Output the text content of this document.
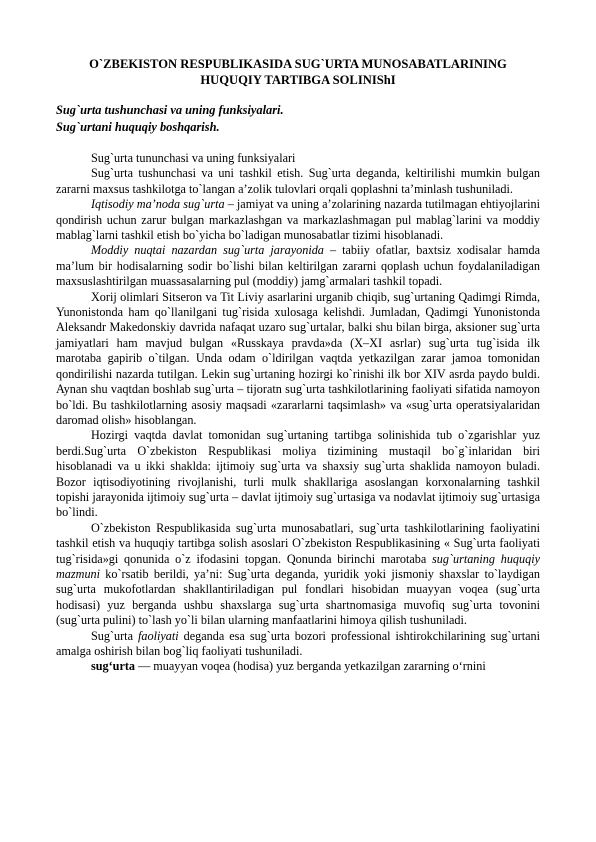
O`ZBEKISTON RESPUBLIKASIDA SUG`URTA MUNOSABATLARINING
HUQUQIY TARTIBGA SOLINIShI
Sug`urta tushunchasi va uning funksiyalari.
Sug`urtani huquqiy boshqarish.

Sug`urta tununchasi va uning funksiyalari

Sug`urta tushunchasi va uni tashkil etish. Sug`urta deganda, keltirilishi mumkin bulgan zararni maxsus tashkilotga to`langan a’zolik tulovlari orqali qoplashni ta’minlash tushuniladi.

Iqtisodiy ma’noda sug`urta – jamiyat va uning a’zolarining nazarda tutilmagan ehtiyojlarini qondirish uchun zarur bulgan markazlashgan va markazlashmagan pul mablag`larini va moddiy mablag`larni tashkil etish bo`yicha bo`ladigan munosabatlar tizimi hisoblanadi.

Moddiy nuqtai nazardan sug`urta jarayonida – tabiiy ofatlar, baxtsiz xodisalar hamda ma’lum bir hodisalarning sodir bo`lishi bilan keltirilgan zararni qoplash uchun foydalaniladigan maxsuslashtirilgan muassasalarning pul (moddiy) jamg`armalari tashkil topadi.

Xorij olimlari Sitseron va Tit Liviy asarlarini urganib chiqib, sug`urtaning Qadimgi Rimda, Yunonistonda ham qo`llanilgani tug`risida xulosaga kelishdi. Jumladan, Qadimgi Yunonistonda Aleksandr Makedonskiy davrida nafaqat uzaro sug`urtalar, balki shu bilan birga, aksioner sug`urta jamiyatlari ham mavjud bulgan «Russkaya pravda»da (X–XI asrlar) sug`urta tug`isida ilk marotaba gapirib o`tilgan. Unda odam o`ldirilgan vaqtda yetkazilgan zarar jamoa tomonidan qondirilishi nazarda tutilgan. Lekin sug`urtaning hozirgi ko`rinishi ilk bor XIV asrda paydo buldi. Aynan shu vaqtdan boshlab sug`urta – tijoratn sug`urta tashkilotlarining faoliyati sifatida namoyon bo`ldi. Bu tashkilotlarning asosiy maqsadi «zararlarni taqsimlash» va «sug`urta operatsiyalaridan daromad olish» hisoblangan.

Hozirgi vaqtda davlat tomonidan sug`urtaning tartibga solinishida tub o`zgarishlar yuz berdi.Sug`urta O`zbekiston Respublikasi moliya tizimining mustaqil bo`g`inlaridan biri hisoblanadi va u ikki shaklda: ijtimoiy sug`urta va shaxsiy sug`urta shaklida namoyon buladi. Bozor iqtisodiyotining rivojlanishi, turli mulk shakllariga asoslangan korxonalarning tashkil topishi jarayonida ijtimoiy sug`urta – davlat ijtimoiy sug`urtasiga va nodavlat ijtimoiy sug`urtasiga bo`lindi.

O`zbekiston Respublikasida sug`urta munosabatlari, sug`urta tashkilotlarining faoliyatini tashkil etish va huquqiy tartibga solish asoslari O`zbekiston Respublikasining « Sug`urta faoliyati tug`risida»gi qonunida o`z ifodasini topgan. Qonunda birinchi marotaba sug`urtaning huquqiy mazmuni ko`rsatib berildi, ya’ni: Sug`urta deganda, yuridik yoki jismoniy shaxslar to`laydigan sug`urta mukofotlardan shakllantiriladigan pul fondlari hisobidan muayyan voqea (sug`urta hodisasi) yuz berganda ushbu shaxslarga sug`urta shartnomasiga muvofiq sug`urta tovonini (sug`urta pulini) to`lash yo`li bilan ularning manfaatlarini himoya qilish tushuniladi.

Sug`urta faoliyati deganda esa sug`urta bozori professional ishtirokchilarining sug`urtani amalga oshirish bilan bog`liq faoliyati tushuniladi.

sug‘urta — muayyan voqea (hodisa) yuz berganda yetkazilgan zararning o‘rnini
